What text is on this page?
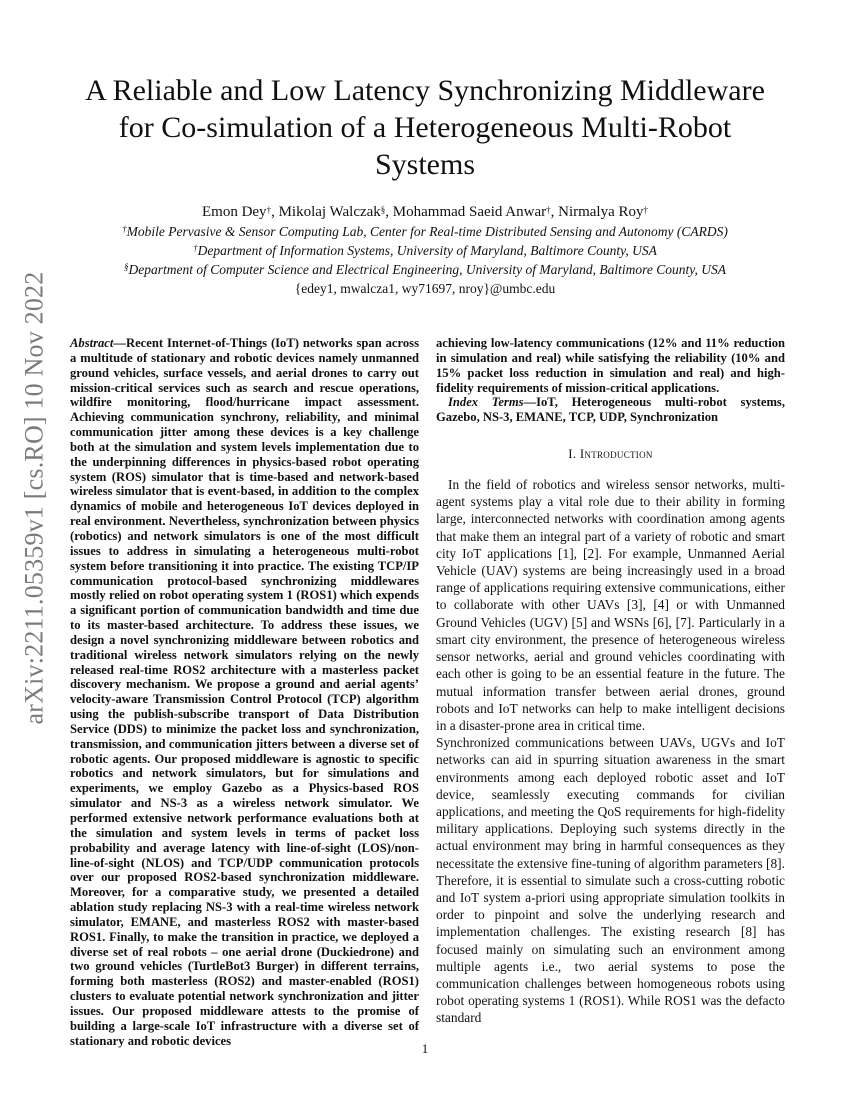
arXiv:2211.05359v1 [cs.RO] 10 Nov 2022
A Reliable and Low Latency Synchronizing Middleware for Co-simulation of a Heterogeneous Multi-Robot Systems
Emon Dey†, Mikolaj Walczak§, Mohammad Saeid Anwar†, Nirmalya Roy†
†Mobile Pervasive & Sensor Computing Lab, Center for Real-time Distributed Sensing and Autonomy (CARDS)
†Department of Information Systems, University of Maryland, Baltimore County, USA
§Department of Computer Science and Electrical Engineering, University of Maryland, Baltimore County, USA
{edey1, mwalcza1, wy71697, nroy}@umbc.edu
Abstract—Recent Internet-of-Things (IoT) networks span across a multitude of stationary and robotic devices namely unmanned ground vehicles, surface vessels, and aerial drones to carry out mission-critical services such as search and rescue operations, wildfire monitoring, flood/hurricane impact assessment. Achieving communication synchrony, reliability, and minimal communication jitter among these devices is a key challenge both at the simulation and system levels implementation due to the underpinning differences in physics-based robot operating system (ROS) simulator that is time-based and network-based wireless simulator that is event-based, in addition to the complex dynamics of mobile and heterogeneous IoT devices deployed in real environment. Nevertheless, synchronization between physics (robotics) and network simulators is one of the most difficult issues to address in simulating a heterogeneous multi-robot system before transitioning it into practice. The existing TCP/IP communication protocol-based synchronizing middlewares mostly relied on robot operating system 1 (ROS1) which expends a significant portion of communication bandwidth and time due to its master-based architecture. To address these issues, we design a novel synchronizing middleware between robotics and traditional wireless network simulators relying on the newly released real-time ROS2 architecture with a masterless packet discovery mechanism. We propose a ground and aerial agents’ velocity-aware Transmission Control Protocol (TCP) algorithm using the publish-subscribe transport of Data Distribution Service (DDS) to minimize the packet loss and synchronization, transmission, and communication jitters between a diverse set of robotic agents. Our proposed middleware is agnostic to specific robotics and network simulators, but for simulations and experiments, we employ Gazebo as a Physics-based ROS simulator and NS-3 as a wireless network simulator. We performed extensive network performance evaluations both at the simulation and system levels in terms of packet loss probability and average latency with line-of-sight (LOS)/non-line-of-sight (NLOS) and TCP/UDP communication protocols over our proposed ROS2-based synchronization middleware. Moreover, for a comparative study, we presented a detailed ablation study replacing NS-3 with a real-time wireless network simulator, EMANE, and masterless ROS2 with master-based ROS1. Finally, to make the transition in practice, we deployed a diverse set of real robots – one aerial drone (Duckiedrone) and two ground vehicles (TurtleBot3 Burger) in different terrains, forming both masterless (ROS2) and master-enabled (ROS1) clusters to evaluate potential network synchronization and jitter issues. Our proposed middleware attests to the promise of building a large-scale IoT infrastructure with a diverse set of stationary and robotic devices

achieving low-latency communications (12% and 11% reduction in simulation and real) while satisfying the reliability (10% and 15% packet loss reduction in simulation and real) and high-fidelity requirements of mission-critical applications.

Index Terms—IoT, Heterogeneous multi-robot systems, Gazebo, NS-3, EMANE, TCP, UDP, Synchronization

I. Introduction

In the field of robotics and wireless sensor networks, multi-agent systems play a vital role due to their ability in forming large, interconnected networks with coordination among agents that make them an integral part of a variety of robotic and smart city IoT applications [1], [2]. For example, Unmanned Aerial Vehicle (UAV) systems are being increasingly used in a broad range of applications requiring extensive communications, either to collaborate with other UAVs [3], [4] or with Unmanned Ground Vehicles (UGV) [5] and WSNs [6], [7]. Particularly in a smart city environment, the presence of heterogeneous wireless sensor networks, aerial and ground vehicles coordinating with each other is going to be an essential feature in the future. The mutual information transfer between aerial drones, ground robots and IoT networks can help to make intelligent decisions in a disaster-prone area in critical time.

Synchronized communications between UAVs, UGVs and IoT networks can aid in spurring situation awareness in the smart environments among each deployed robotic asset and IoT device, seamlessly executing commands for civilian applications, and meeting the QoS requirements for high-fidelity military applications. Deploying such systems directly in the actual environment may bring in harmful consequences as they necessitate the extensive fine-tuning of algorithm parameters [8]. Therefore, it is essential to simulate such a cross-cutting robotic and IoT system a-priori using appropriate simulation toolkits in order to pinpoint and solve the underlying research and implementation challenges. The existing research [8] has focused mainly on simulating such an environment among multiple agents i.e., two aerial systems to pose the communication challenges between homogeneous robots using robot operating systems 1 (ROS1). While ROS1 was the defacto standard

1
